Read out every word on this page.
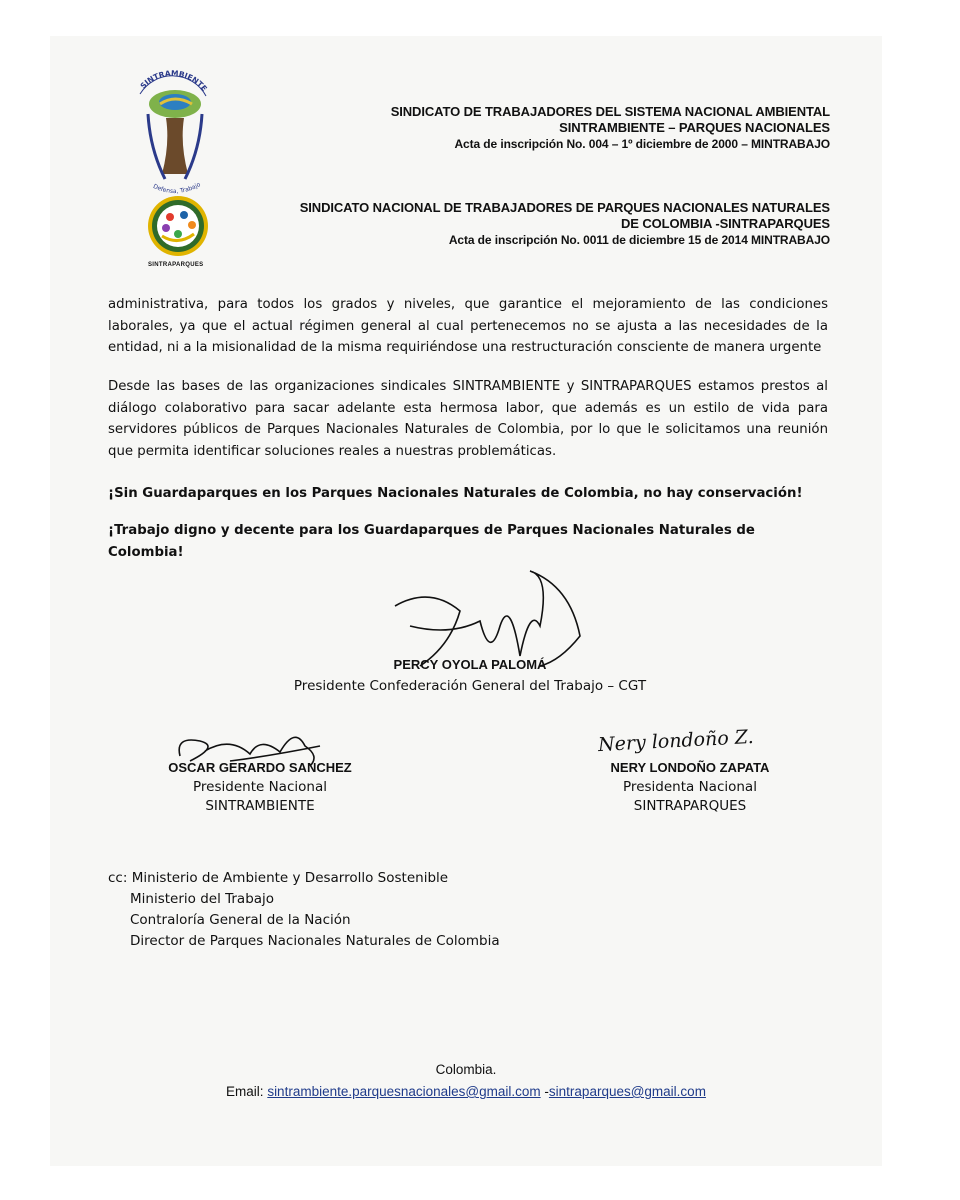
SINTRAMBIENTE
Defensa, Trabajo y Vida
SINDICATO DE TRABAJADORES DEL SISTEMA NACIONAL AMBIENTAL
SINTRAMBIENTE – PARQUES NACIONALES
Acta de inscripción No. 004 – 1º diciembre de 2000 – MINTRABAJO
SINTRAPARQUES
SINDICATO NACIONAL DE TRABAJADORES DE PARQUES NACIONALES NATURALES
DE COLOMBIA -SINTRAPARQUES
Acta de inscripción No. 0011 de diciembre 15 de 2014 MINTRABAJO
administrativa, para todos los grados y niveles, que garantice el mejoramiento de las condiciones laborales, ya que el actual régimen general al cual pertenecemos no se ajusta a las necesidades de la entidad, ni a la misionalidad de la misma requiriéndose una restructuración consciente de manera urgente
Desde las bases de las organizaciones sindicales SINTRAMBIENTE y SINTRAPARQUES estamos prestos al diálogo colaborativo para sacar adelante esta hermosa labor, que además es un estilo de vida para servidores públicos de Parques Nacionales Naturales de Colombia, por lo que le solicitamos una reunión que permita identificar soluciones reales a nuestras problemáticas.
¡Sin Guardaparques en los Parques Nacionales Naturales de Colombia, no hay conservación!
¡Trabajo digno y decente para los Guardaparques de Parques Nacionales Naturales de Colombia!
PERCY OYOLA PALOMÁ
Presidente Confederación General del Trabajo – CGT
OSCAR GERARDO SANCHEZ
Presidente Nacional
SINTRAMBIENTE
Nery londoño Z.
NERY LONDOÑO ZAPATA
Presidenta Nacional
SINTRAPARQUES
cc: Ministerio de Ambiente y Desarrollo Sostenible
Ministerio del Trabajo
Contraloría General de la Nación
Director de Parques Nacionales Naturales de Colombia
Colombia.
Email: sintrambiente.parquesnacionales@gmail.com -sintraparques@gmail.com
